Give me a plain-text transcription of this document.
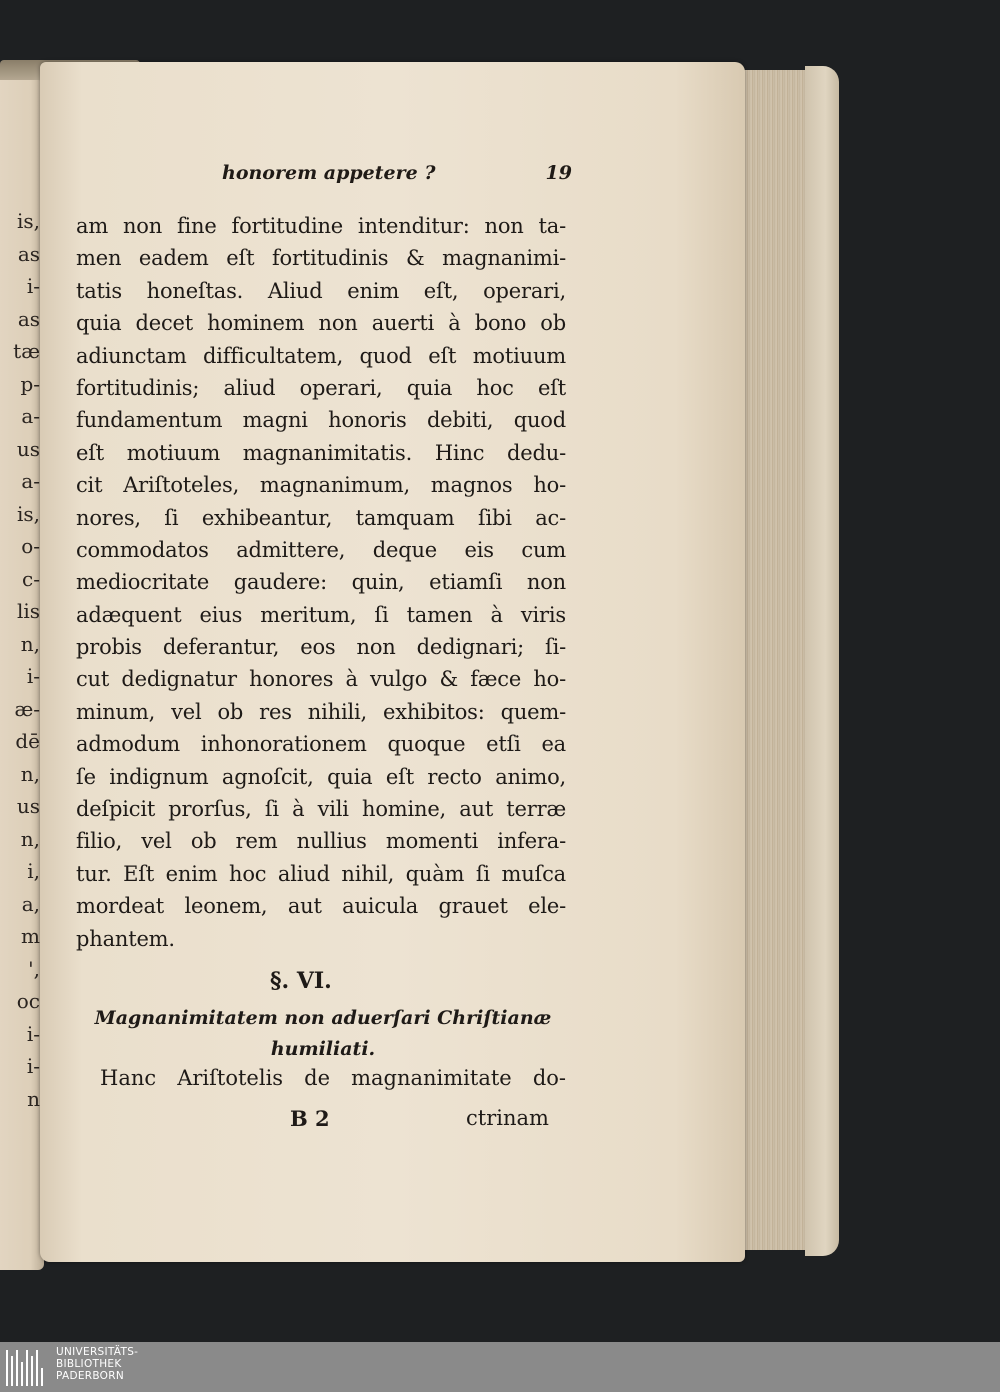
is,
as
i-
as
tæ
p-
a-
us
a-
is,
o-
c-
lis
n,
i-
æ-
dē
n,
us
n,
i,
a,
m
',
oc
i-
i-
n
honorem appetere ?	19
am non fine fortitudine intenditur: non ta-
men eadem eſt fortitudinis & magnanimi-
tatis honeſtas. Aliud enim eſt, operari,
quia decet hominem non auerti à bono ob
adiunctam difficultatem, quod eſt motiuum
fortitudinis; aliud operari, quia hoc eſt
fundamentum magni honoris debiti, quod
eſt motiuum magnanimitatis. Hinc dedu-
cit Ariſtoteles, magnanimum, magnos ho-
nores, ſi exhibeantur, tamquam ſibi ac-
commodatos admittere, deque eis cum
mediocritate gaudere: quin, etiamſi non
adæquent eius meritum, ſi tamen à viris
probis deferantur, eos non dedignari; ſi-
cut dedignatur honores à vulgo & fæce ho-
minum, vel ob res nihili, exhibitos: quem-
admodum inhonorationem quoque etſi ea
ſe indignum agnoſcit, quia eſt recto animo,
deſpicit prorſus, ſi à vili homine, aut terræ
filio, vel ob rem nullius momenti infera-
tur. Eſt enim hoc aliud nihil, quàm ſi muſca
mordeat leonem, aut auicula grauet ele-
phantem.
§. VI.
Magnanimitatem non aduerſari Chriſtianæ
humiliati.
Hanc Ariſtotelis de magnanimitate do-
B 2	ctrinam
UNIVERSITÄTS-
BIBLIOTHEK
PADERBORN
